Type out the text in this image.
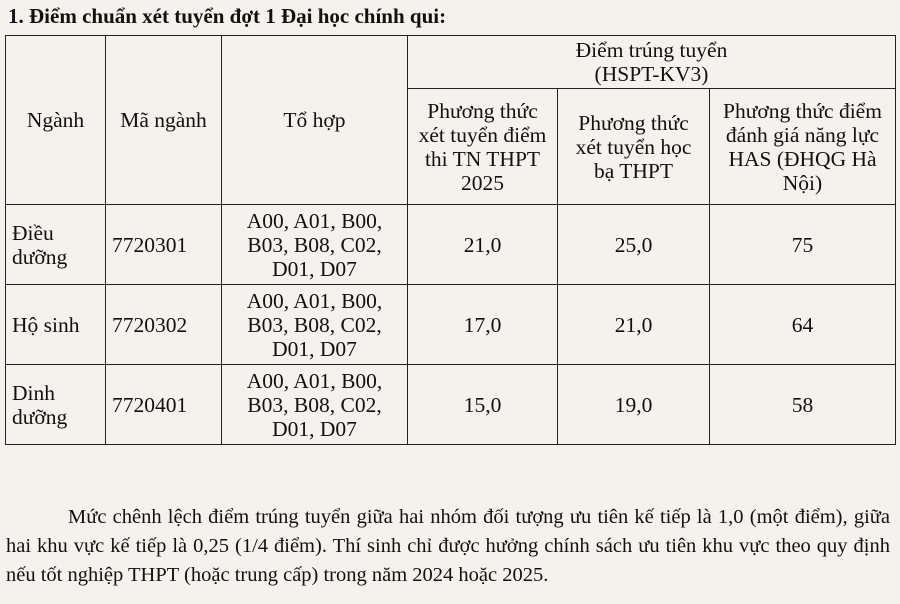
1. Điểm chuẩn xét tuyển đợt 1 Đại học chính qui:
Ngành	Mã ngành	Tổ hợp	Điểm trúng tuyển
(HSPT-KV3)		

			Phương thức xét tuyển điểm thi TN THPT 2025	Phương thức xét tuyển học bạ THPT	Phương thức điểm đánh giá năng lực HAS (ĐHQG Hà Nội)
Điều dưỡng	7720301	A00, A01, B00, B03, B08, C02, D01, D07	21,0	25,0	75
Hộ sinh	7720302	A00, A01, B00, B03, B08, C02, D01, D07	17,0	21,0	64
Dinh dưỡng	7720401	A00, A01, B00, B03, B08, C02, D01, D07	15,0	19,0	58

Mức chênh lệch điểm trúng tuyển giữa hai nhóm đối tượng ưu tiên kế tiếp là 1,0 (một điểm), giữa hai khu vực kế tiếp là 0,25 (1/4 điểm). Thí sinh chỉ được hưởng chính sách ưu tiên khu vực theo quy định nếu tốt nghiệp THPT (hoặc trung cấp) trong năm 2024 hoặc 2025.
